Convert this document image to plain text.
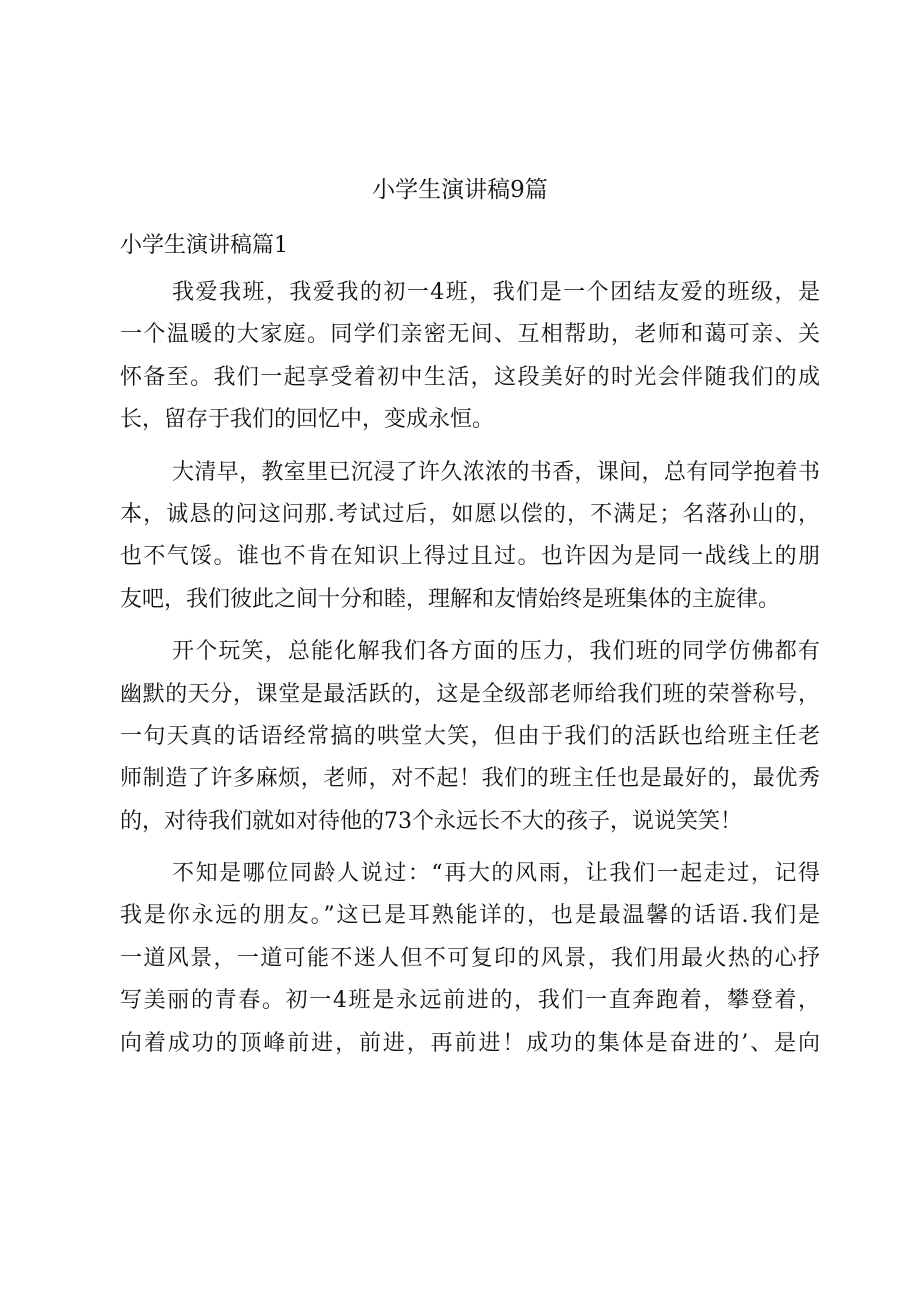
小学生演讲稿9篇
小学生演讲稿篇1

我爱我班，我爱我的初一4班，我们是一个团结友爱的班级，是
一个温暖的大家庭。同学们亲密无间、互相帮助，老师和蔼可亲、关
怀备至。我们一起享受着初中生活，这段美好的时光会伴随我们的成
长，留存于我们的回忆中，变成永恒。

大清早，教室里已沉浸了许久浓浓的书香，课间，总有同学抱着书
本，诚恳的问这问那.考试过后，如愿以偿的，不满足；名落孙山的，
也不气馁。谁也不肯在知识上得过且过。也许因为是同一战线上的朋
友吧，我们彼此之间十分和睦，理解和友情始终是班集体的主旋律。

开个玩笑，总能化解我们各方面的压力，我们班的同学仿佛都有
幽默的天分，课堂是最活跃的，这是全级部老师给我们班的荣誉称号，
一句天真的话语经常搞的哄堂大笑，但由于我们的活跃也给班主任老
师制造了许多麻烦，老师，对不起！我们的班主任也是最好的，最优秀
的，对待我们就如对待他的73个永远长不大的孩子，说说笑笑！

不知是哪位同龄人说过：“再大的风雨，让我们一起走过，记得
我是你永远的朋友。”这已是耳熟能详的，也是最温馨的话语.我们是
一道风景，一道可能不迷人但不可复印的风景，我们用最火热的心抒
写美丽的青春。初一4班是永远前进的，我们一直奔跑着，攀登着，
向着成功的顶峰前进，前进，再前进！成功的集体是奋进的’、是向
